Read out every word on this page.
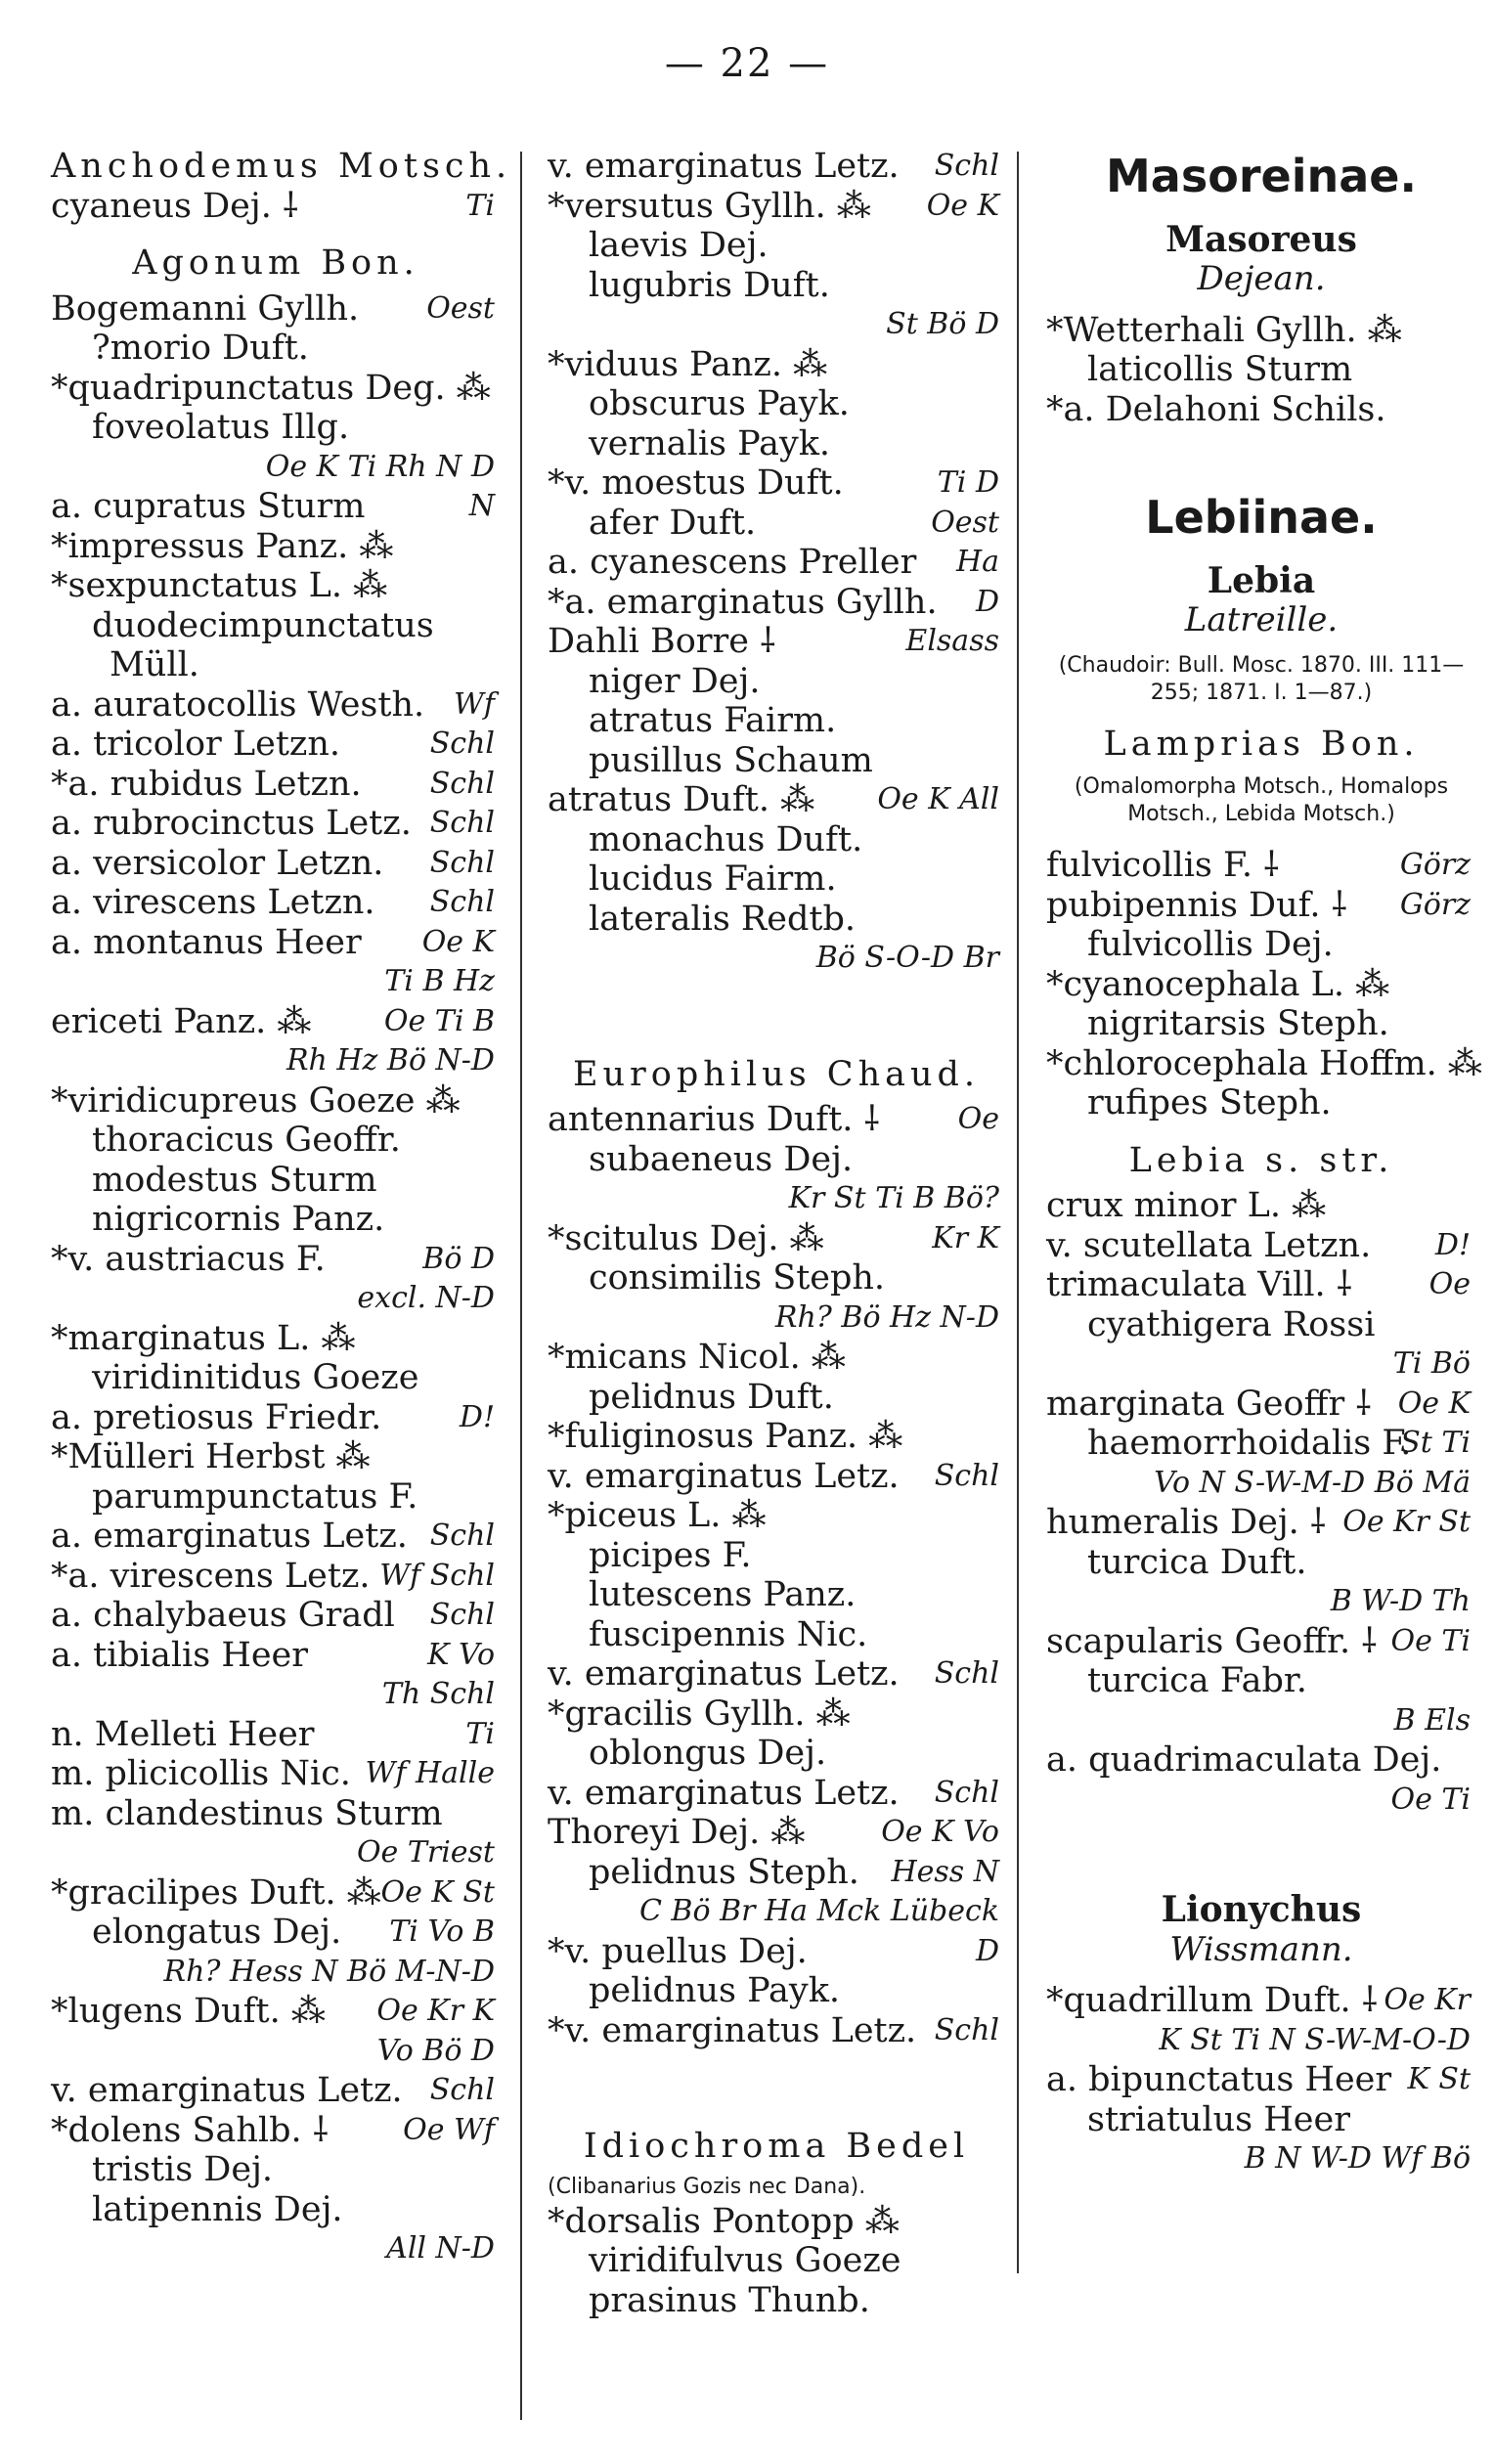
— 22 —
Anchodemus Motsch.
cyaneus Dej. ⸸	Ti
Agonum Bon.
Bogemanni Gyllh. Oest
?morio Duft.
*quadripunctatus Deg. ⁂
foveolatus Illg.
Oe K Ti Rh N D
a. cupratus Sturm	N
*impressus Panz. ⁂
*sexpunctatus L. ⁂
duodecimpunctatus
Müll.
a. auratocollis Westh. Wf
a. tricolor Letzn.	Schl
*a. rubidus Letzn. Schl
a. rubrocinctus Letz. Schl
a. versicolor Letzn. Schl
a. virescens Letzn. Schl
a. montanus Heer Oe K
Ti B Hz
ericeti Panz. ⁂ Oe Ti B
Rh Hz Bö N-D
*viridicupreus Goeze ⁂
thoracicus Geoffr.
modestus Sturm
nigricornis Panz.
*v. austriacus F.	Bö D
excl. N-D
*marginatus L. ⁂
viridinitidus Goeze
a. pretiosus Friedr.	D!
*Mülleri Herbst ⁂
parumpunctatus F.
a. emarginatus Letz. Schl
*a. virescens Letz. Wf Schl
a. chalybaeus Gradl Schl
a. tibialis Heer	K Vo
Th Schl
n. Melleti Heer	Ti
m. plicicollis Nic. Wf Halle
m. clandestinus Sturm
Oe Triest
*gracilipes Duft. ⁂ Oe K St
elongatus Dej. Ti Vo B
Rh? Hess N Bö M-N-D
*lugens Duft. ⁂ Oe Kr K
Vo Bö D
v. emarginatus Letz. Schl
*dolens Sahlb. ⸸	Oe Wf
tristis Dej.
latipennis Dej.
All N-D
v. emarginatus Letz. Schl
*versutus Gyllh. ⁂ Oe K
laevis Dej.
lugubris Duft.
St Bö D
*viduus Panz. ⁂
obscurus Payk.
vernalis Payk.
*v. moestus Duft.	Ti D
afer Duft.	Oest
a. cyanescens Preller Ha
*a. emarginatus Gyllh. D
Dahli Borre ⸸	Elsass
niger Dej.
atratus Fairm.
pusillus Schaum
atratus Duft. ⁂ Oe K All
monachus Duft.
lucidus Fairm.
lateralis Redtb.
Bö S-O-D Br
Europhilus Chaud.
antennarius Duft. ⸸	Oe
subaeneus Dej.
Kr St Ti B Bö?
*scitulus Dej. ⁂	Kr K
consimilis Steph.
Rh? Bö Hz N-D
*micans Nicol. ⁂
pelidnus Duft.
*fuliginosus Panz. ⁂
v. emarginatus Letz. Schl
*piceus L. ⁂
picipes F.
lutescens Panz.
fuscipennis Nic.
v. emarginatus Letz. Schl
*gracilis Gyllh. ⁂
oblongus Dej.
v. emarginatus Letz. Schl
Thoreyi Dej. ⁂	Oe K Vo
pelidnus Steph. Hess N
C Bö Br Ha Mck Lübeck
*v. puellus Dej.	D
pelidnus Payk.
*v. emarginatus Letz. Schl
Idiochroma Bedel
(Clibanarius Gozis nec Dana).
*dorsalis Pontopp ⁂
viridifulvus Goeze
prasinus Thunb.
Masoreinae.
Masoreus
Dejean.
*Wetterhali Gyllh. ⁂
laticollis Sturm
*a. Delahoni Schils.
Lebiinae.
Lebia
Latreille.
(Chaudoir: Bull. Mosc. 1870. III. 111—255; 1871. I. 1—87.)
Lamprias Bon.
(Omalomorpha Motsch., Homalops Motsch., Lebida Motsch.)
fulvicollis F. ⸸	Görz
pubipennis Duf. ⸸ Görz
fulvicollis Dej.
*cyanocephala L. ⁂
nigritarsis Steph.
*chlorocephala Hoffm. ⁂
rufipes Steph.
Lebia s. str.
crux minor L. ⁂
v. scutellata Letzn. D!
trimaculata Vill. ⸸	Oe
cyathigera Rossi
Ti Bö
marginata Geoffr ⸸ Oe K
haemorrhoidalis F.
St Ti
Vo N S-W-M-D Bö Mä
humeralis Dej. ⸸ Oe Kr St
turcica Duft.
B W-D Th
scapularis Geoffr. ⸸ Oe Ti
turcica Fabr.
B Els
a. quadrimaculata Dej.
Oe Ti
Lionychus
Wissmann.
*quadrillum Duft. ⸸ Oe Kr
K St Ti N S-W-M-O-D
a. bipunctatus Heer K St
striatulus Heer
B N W-D Wf Bö
